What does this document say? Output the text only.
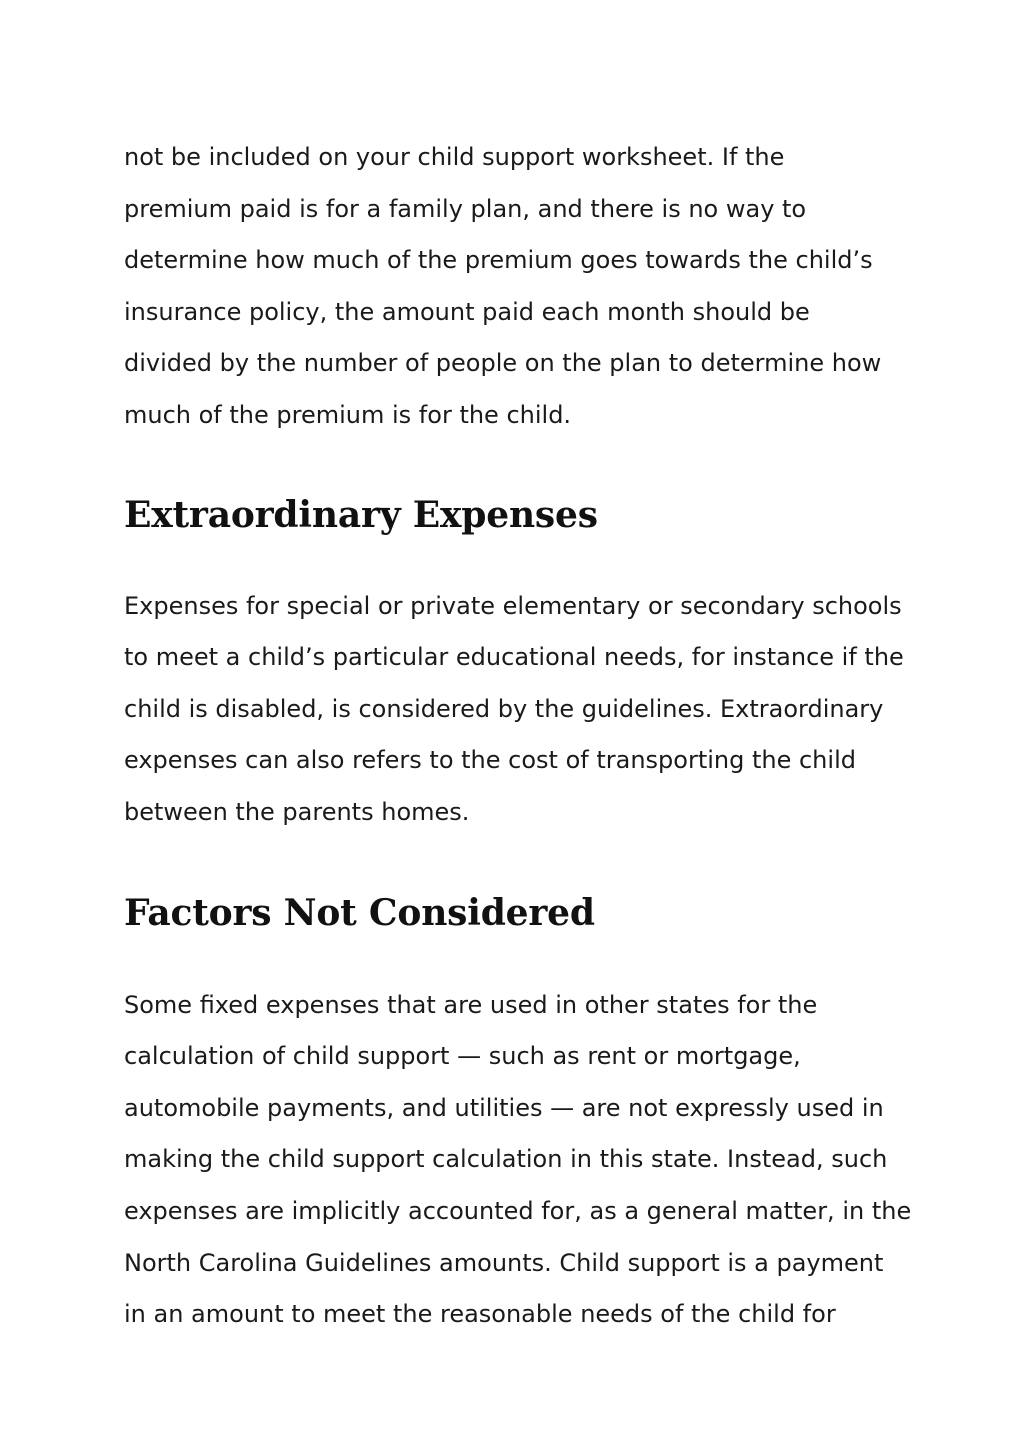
not be included on your child support worksheet. If the
premium paid is for a family plan, and there is no way to
determine how much of the premium goes towards the child’s
insurance policy, the amount paid each month should be
divided by the number of people on the plan to determine how
much of the premium is for the child.

Extraordinary Expenses

Expenses for special or private elementary or secondary schools
to meet a child’s particular educational needs, for instance if the
child is disabled, is considered by the guidelines. Extraordinary
expenses can also refers to the cost of transporting the child
between the parents homes.

Factors Not Considered

Some fixed expenses that are used in other states for the
calculation of child support — such as rent or mortgage,
automobile payments, and utilities — are not expressly used in
making the child support calculation in this state. Instead, such
expenses are implicitly accounted for, as a general matter, in the
North Carolina Guidelines amounts. Child support is a payment
in an amount to meet the reasonable needs of the child for
